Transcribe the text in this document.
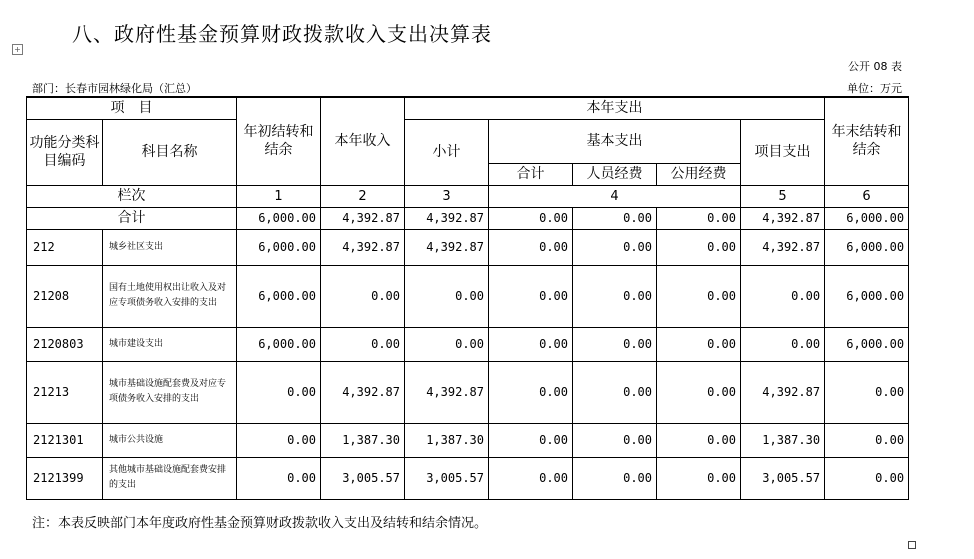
八、政府性基金预算财政拨款收入支出决算表
+
公开 08 表
部门：长春市园林绿化局（汇总）	单位：万元
项　目		年初结转和结余	本年收入	本年支出					年末结转和结余
功能分类科目编码	科目名称			小计	基本支出			项目支出	
					合计	人员经费	公用经费		
栏次		1	2	3	4			5	6
合计		6,000.00	4,392.87	4,392.87	0.00	0.00	0.00	4,392.87	6,000.00
212	城乡社区支出	6,000.00	4,392.87	4,392.87	0.00	0.00	0.00	4,392.87	6,000.00
21208	国有土地使用权出让收入及对应专项债务收入安排的支出	6,000.00	0.00	0.00	0.00	0.00	0.00	0.00	6,000.00
2120803	城市建设支出	6,000.00	0.00	0.00	0.00	0.00	0.00	0.00	6,000.00
21213	城市基础设施配套费及对应专项债务收入安排的支出	0.00	4,392.87	4,392.87	0.00	0.00	0.00	4,392.87	0.00
2121301	城市公共设施	0.00	1,387.30	1,387.30	0.00	0.00	0.00	1,387.30	0.00
2121399	其他城市基础设施配套费安排的支出	0.00	3,005.57	3,005.57	0.00	0.00	0.00	3,005.57	0.00
注：本表反映部门本年度政府性基金预算财政拨款收入支出及结转和结余情况。
